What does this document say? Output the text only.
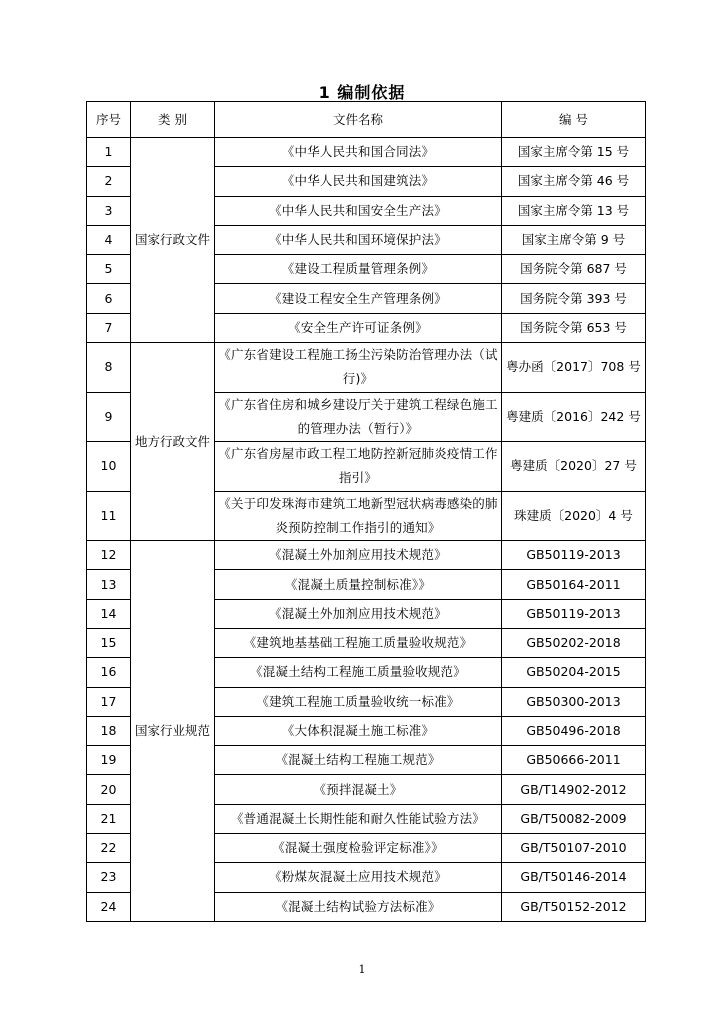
1 编制依据
序号	类 别	文件名称	编 号
1	国家行政文件	《中华人民共和国合同法》	国家主席令第 15 号
2		《中华人民共和国建筑法》	国家主席令第 46 号
3		《中华人民共和国安全生产法》	国家主席令第 13 号
4		《中华人民共和国环境保护法》	国家主席令第 9 号
5		《建设工程质量管理条例》	国务院令第 687 号
6		《建设工程安全生产管理条例》	国务院令第 393 号
7		《安全生产许可证条例》	国务院令第 653 号
8	地方行政文件	《广东省建设工程施工扬尘污染防治管理办法（试行)》	粤办函〔2017〕708 号
9		《广东省住房和城乡建设厅关于建筑工程绿色施工的管理办法（暂行）》	粤建质〔2016〕242 号
10		《广东省房屋市政工程工地防控新冠肺炎疫情工作指引》	粤建质〔2020〕27 号
11		《关于印发珠海市建筑工地新型冠状病毒感染的肺炎预防控制工作指引的通知》	珠建质〔2020〕4 号
12	国家行业规范	《混凝土外加剂应用技术规范》	GB50119-2013
13		《混凝土质量控制标准》》	GB50164-2011
14		《混凝土外加剂应用技术规范》	GB50119-2013
15		《建筑地基基础工程施工质量验收规范》	GB50202-2018
16		《混凝土结构工程施工质量验收规范》	GB50204-2015
17		《建筑工程施工质量验收统一标准》	GB50300-2013
18		《大体积混凝土施工标准》	GB50496-2018
19		《混凝土结构工程施工规范》	GB50666-2011
20		《预拌混凝土》	GB/T14902-2012
21		《普通混凝土长期性能和耐久性能试验方法》	GB/T50082-2009
22		《混凝土强度检验评定标准》》	GB/T50107-2010
23		《粉煤灰混凝土应用技术规范》	GB/T50146-2014
24		《混凝土结构试验方法标准》	GB/T50152-2012
1
